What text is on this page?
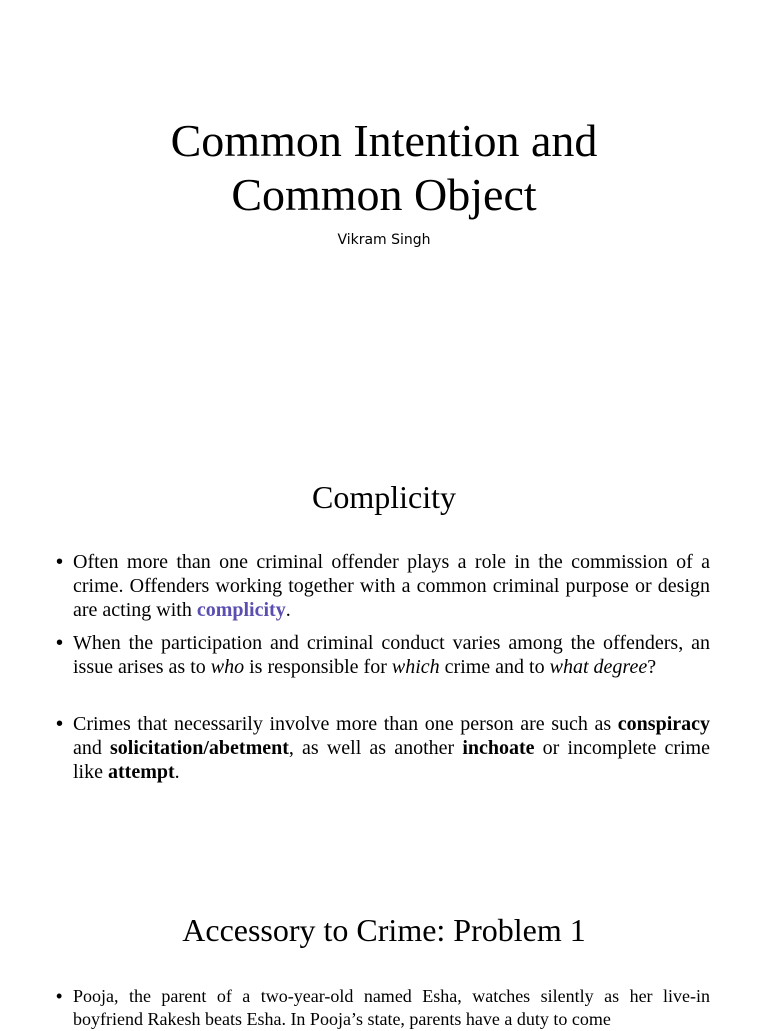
Common Intention and
Common Object
Vikram Singh
Complicity
• Often more than one criminal offender plays a role in the commission of a crime. Offenders working together with a common criminal purpose or design are acting with complicity.
• When the participation and criminal conduct varies among the offenders, an issue arises as to who is responsible for which crime and to what degree?
• Crimes that necessarily involve more than one person are such as conspiracy and solicitation/abetment, as well as another inchoate or incomplete crime like attempt.
Accessory to Crime: Problem 1
• Pooja, the parent of a two-year-old named Esha, watches silently as her live-in boyfriend Rakesh beats Esha. In Pooja’s state, parents have a duty to come
